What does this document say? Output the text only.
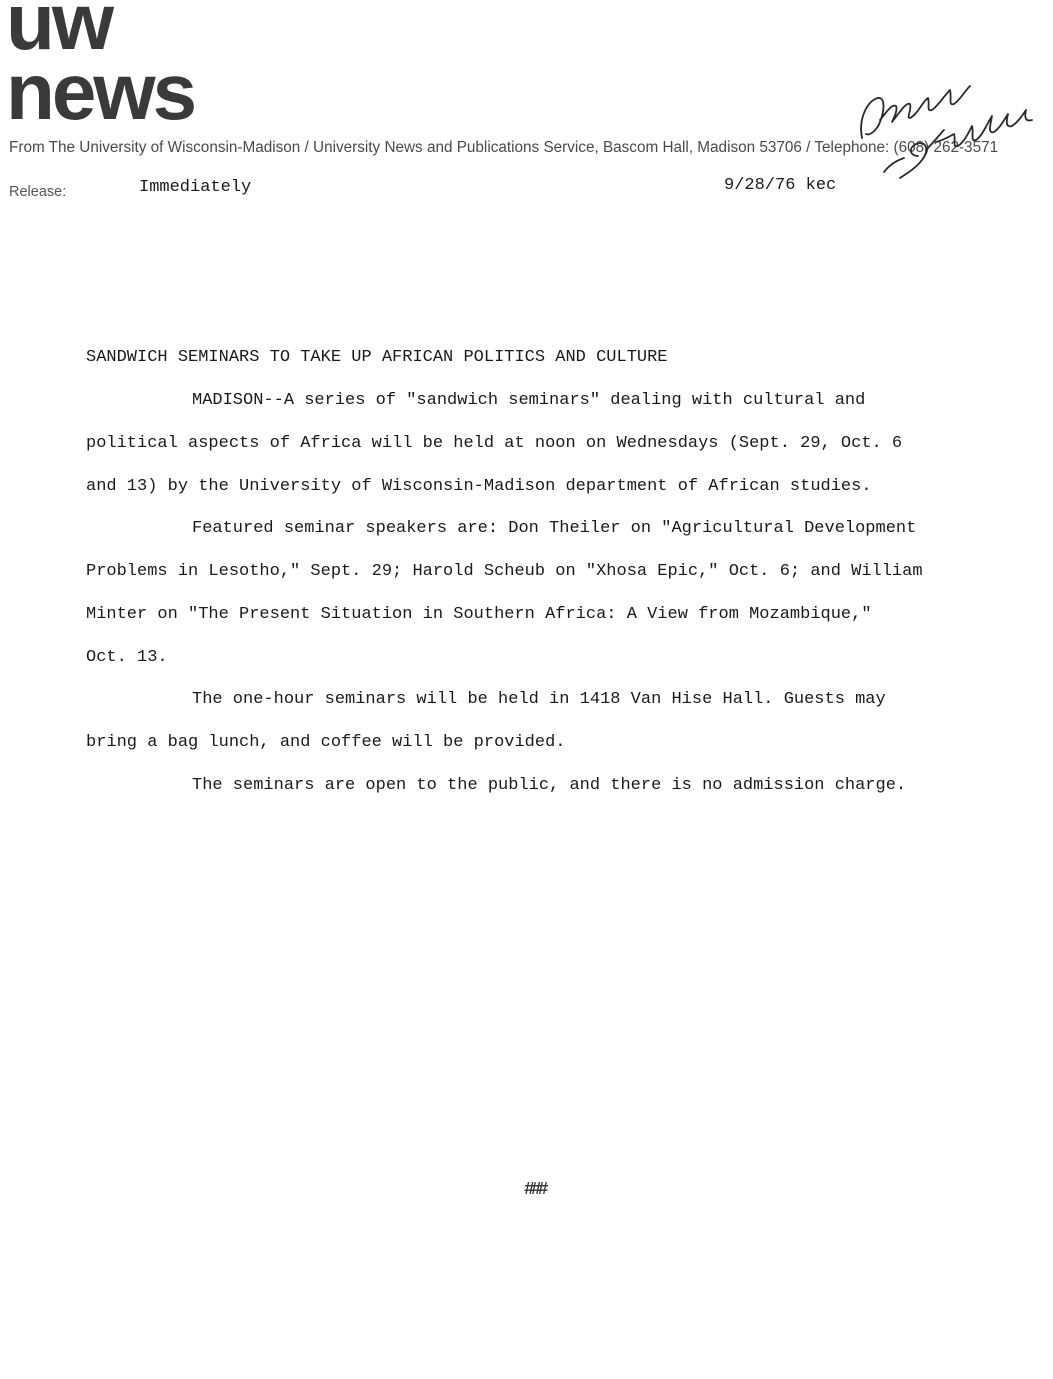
uw
news
From The University of Wisconsin-Madison / University News and Publications Service, Bascom Hall, Madison 53706 / Telephone: (608) 262-3571
Release:	Immediately	9/28/76 kec
SANDWICH SEMINARS TO TAKE UP AFRICAN POLITICS AND CULTURE
MADISON--A series of "sandwich seminars" dealing with cultural and
political aspects of Africa will be held at noon on Wednesdays (Sept. 29, Oct. 6
and 13) by the University of Wisconsin-Madison department of African studies.
Featured seminar speakers are: Don Theiler on "Agricultural Development
Problems in Lesotho," Sept. 29; Harold Scheub on "Xhosa Epic," Oct. 6; and William
Minter on "The Present Situation in Southern Africa: A View from Mozambique,"
Oct. 13.
The one-hour seminars will be held in 1418 Van Hise Hall. Guests may
bring a bag lunch, and coffee will be provided.
The seminars are open to the public, and there is no admission charge.
###
